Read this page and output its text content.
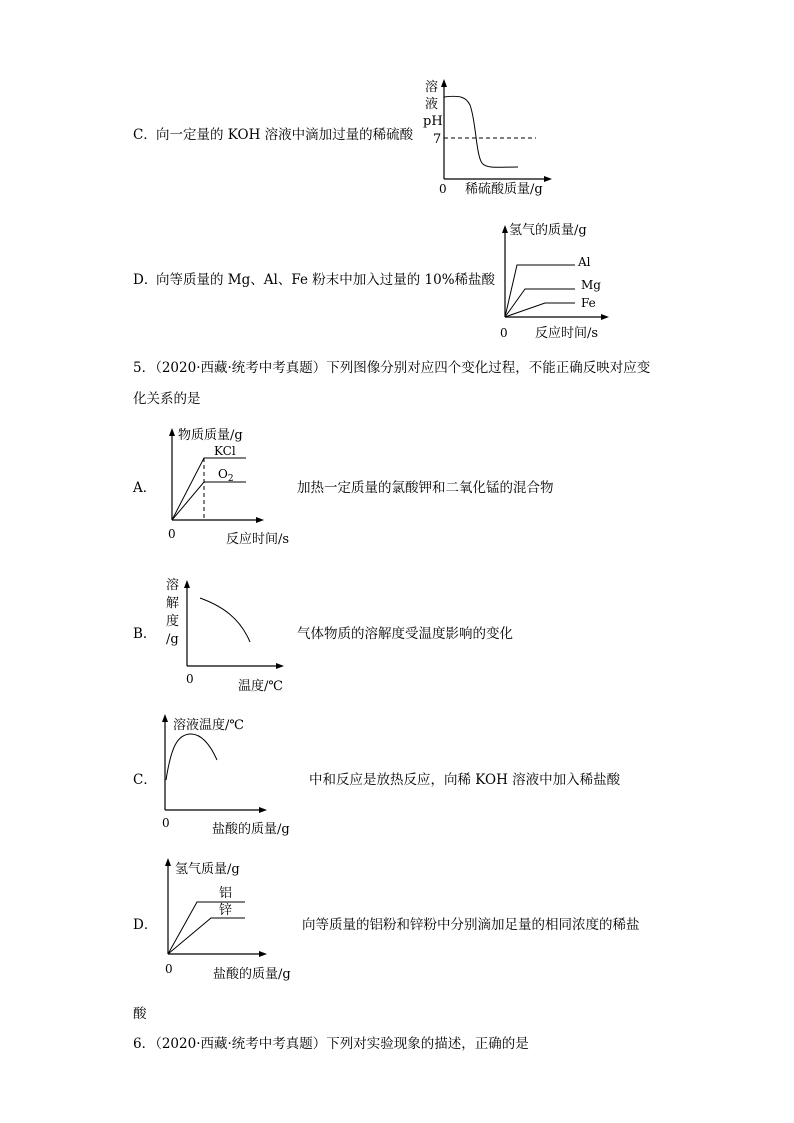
C． 向一定量的 KOH 溶液中滴加过量的稀硫酸
溶
液
pH
7
0 稀硫酸质量/g
D．
向等质量的 Mg、Al、Fe 粉末中加入过量的 10%稀盐酸
氢气的质量/g
Al
Mg
Fe
0 反应时间/s
5．（2020·西藏·统考中考真题）下列图像分别对应四个变化过程，不能正确反映对应变
化关系的是
A．	加热一定质量的氯酸钾和二氧化锰的混合物
物质质量/g
KCl
$O_2$
0	反应时间/s
B．	气体物质的溶解度受温度影响的变化
溶
解
度
/g
0	温度/℃
C．	中和反应是放热反应，向稀 KOH 溶液中加入稀盐酸
溶液温度/℃
0	盐酸的质量/g
D．	向等质量的铝粉和锌粉中分别滴加足量的相同浓度的稀盐
氢气质量/g
铝
锌
0	盐酸的质量/g
酸
6．（2020·西藏·统考中考真题）下列对实验现象的描述，正确的是
